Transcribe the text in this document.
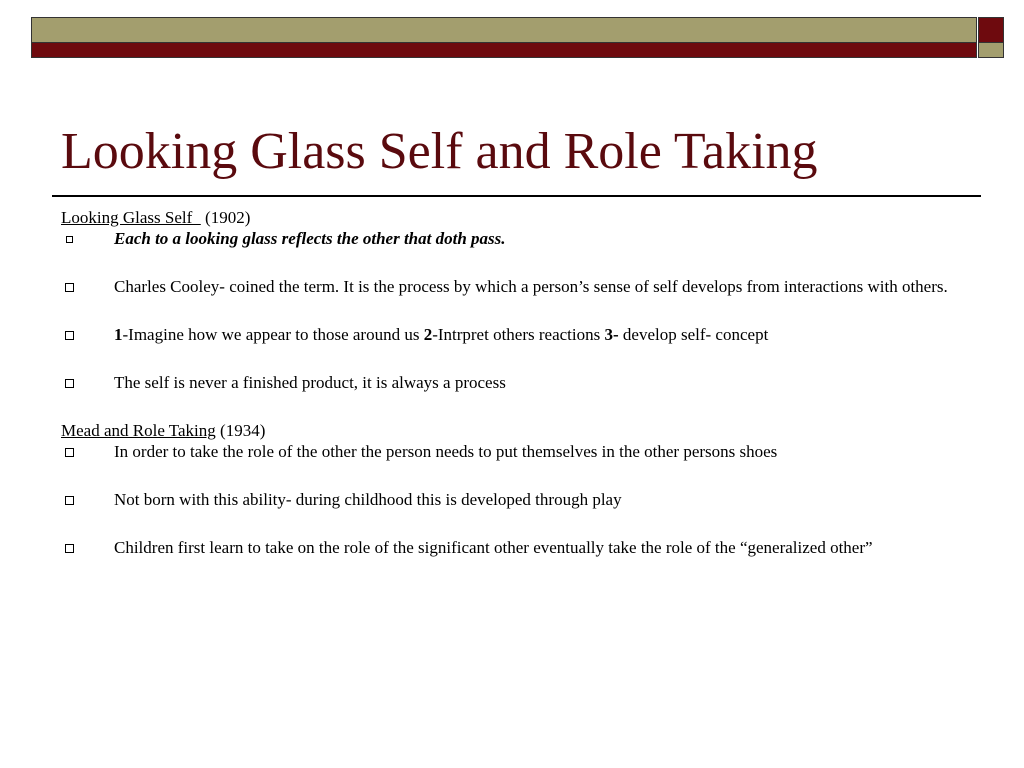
Looking Glass Self and Role Taking

Looking Glass Self   (1902)

Each to a looking glass reflects the other that doth pass.

Charles Cooley- coined the term. It is the process by which a person’s sense of self develops from interactions with others.

1-Imagine how we appear to those around us 2-Intrpret others reactions 3- develop self- concept

The self is never a finished product, it is always a process

Mead and Role Taking (1934)

In order to take the role of the other the person needs to put themselves in the other persons shoes

Not born with this ability- during childhood this is developed through play

Children first learn to take on the role of the significant other eventually take the role of the “generalized other”
